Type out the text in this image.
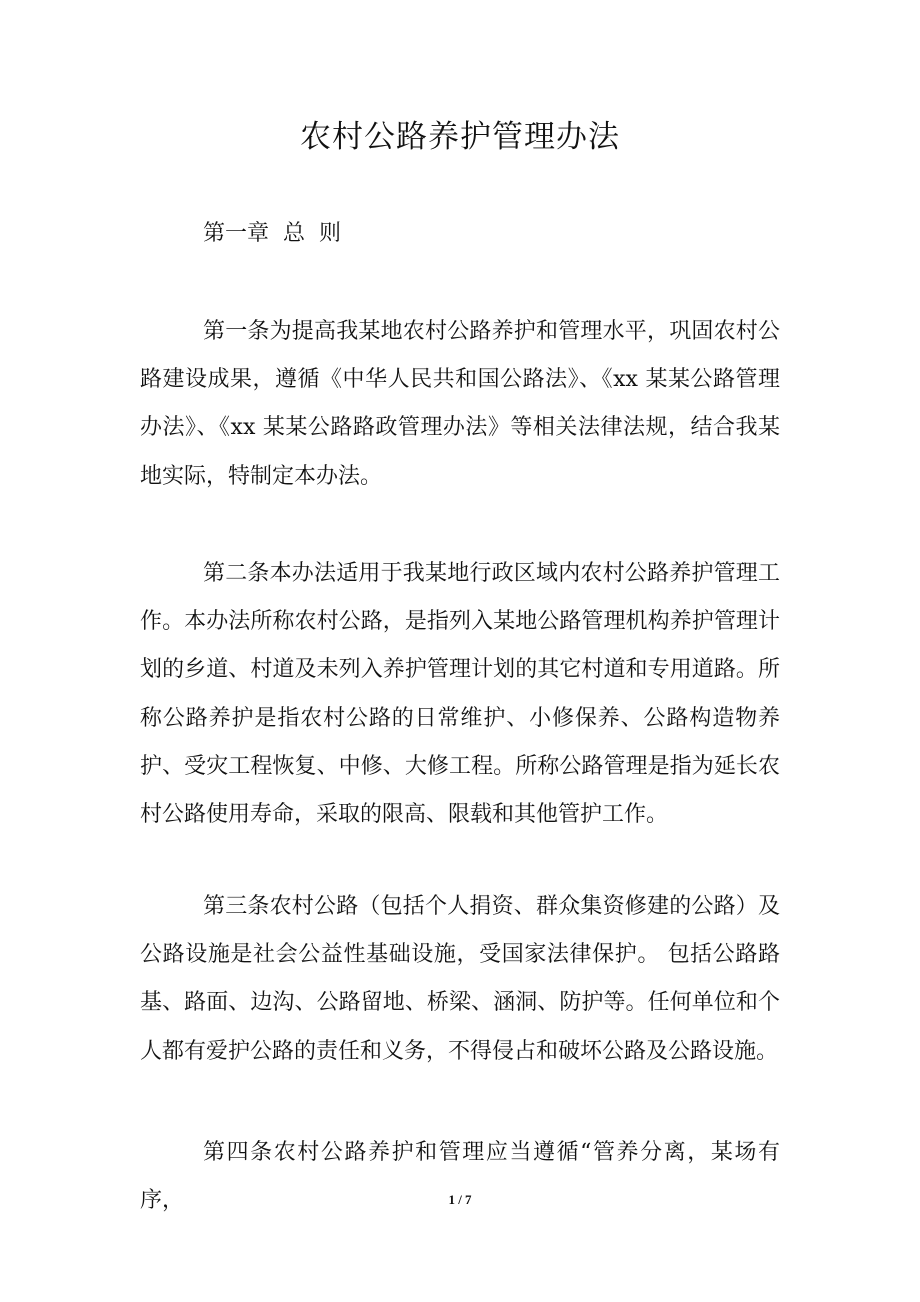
农村公路养护管理办法

第一章  总  则

第一条为提高我某地农村公路养护和管理水平，巩固农村公路建设成果，遵循《中华人民共和国公路法》、《xx 某某公路管理办法》、《xx 某某公路路政管理办法》等相关法律法规，结合我某地实际，特制定本办法。

第二条本办法适用于我某地行政区域内农村公路养护管理工作。本办法所称农村公路，是指列入某地公路管理机构养护管理计划的乡道、村道及未列入养护管理计划的其它村道和专用道路。所称公路养护是指农村公路的日常维护、小修保养、公路构造物养护、受灾工程恢复、中修、大修工程。所称公路管理是指为延长农村公路使用寿命，采取的限高、限载和其他管护工作。

第三条农村公路（包括个人捐资、群众集资修建的公路）及公路设施是社会公益性基础设施，受国家法律保护。 包括公路路基、路面、边沟、公路留地、桥梁、涵洞、防护等。任何单位和个人都有爱护公路的责任和义务，不得侵占和破坏公路及公路设施。

第四条农村公路养护和管理应当遵循“管养分离，某场有序，	1 / 7
